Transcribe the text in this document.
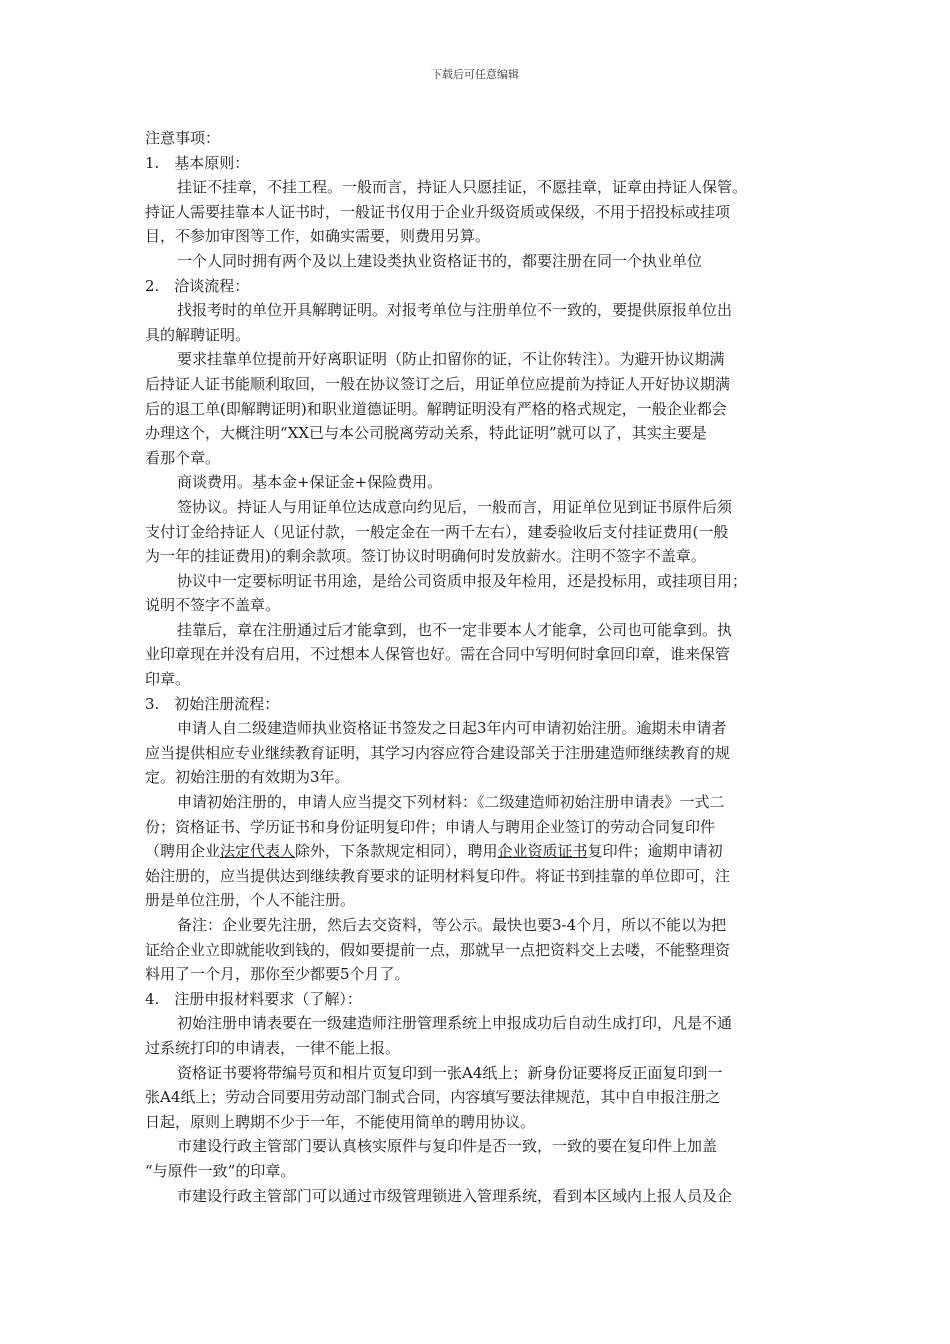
下载后可任意编辑
注意事项：
1.　基本原则：
挂证不挂章，不挂工程。一般而言，持证人只愿挂证，不愿挂章，证章由持证人保管。
持证人需要挂靠本人证书时，一般证书仅用于企业升级资质或保级，不用于招投标或挂项
目，不参加审图等工作，如确实需要，则费用另算。
一个人同时拥有两个及以上建设类执业资格证书的，都要注册在同一个执业单位
2.　洽谈流程：
找报考时的单位开具解聘证明。对报考单位与注册单位不一致的，要提供原报单位出
具的解聘证明。
要求挂靠单位提前开好离职证明（防止扣留你的证，不让你转注）。为避开协议期满
后持证人证书能顺利取回，一般在协议签订之后，用证单位应提前为持证人开好协议期满
后的退工单(即解聘证明)和职业道德证明。解聘证明没有严格的格式规定，一般企业都会
办理这个，大概注明“XX已与本公司脱离劳动关系，特此证明”就可以了，其实主要是
看那个章。
商谈费用。基本金+保证金+保险费用。
签协议。持证人与用证单位达成意向约见后，一般而言，用证单位见到证书原件后须
支付订金给持证人（见证付款，一般定金在一两千左右），建委验收后支付挂证费用(一般
为一年的挂证费用)的剩余款项。签订协议时明确何时发放薪水。注明不签字不盖章。
协议中一定要标明证书用途，是给公司资质申报及年检用，还是投标用，或挂项目用；
说明不签字不盖章。
挂靠后，章在注册通过后才能拿到，也不一定非要本人才能拿，公司也可能拿到。执
业印章现在并没有启用，不过想本人保管也好。需在合同中写明何时拿回印章，谁来保管
印章。
3.　初始注册流程：
申请人自二级建造师执业资格证书签发之日起3年内可申请初始注册。逾期未申请者
应当提供相应专业继续教育证明，其学习内容应符合建设部关于注册建造师继续教育的规
定。初始注册的有效期为3年。
申请初始注册的，申请人应当提交下列材料：《二级建造师初始注册申请表》一式二
份；资格证书、学历证书和身份证明复印件；申请人与聘用企业签订的劳动合同复印件
（聘用企业法定代表人除外，下条款规定相同），聘用企业资质证书复印件；逾期申请初
始注册的，应当提供达到继续教育要求的证明材料复印件。将证书到挂靠的单位即可，注
册是单位注册，个人不能注册。
备注：企业要先注册，然后去交资料，等公示。最快也要3-4个月，所以不能以为把
证给企业立即就能收到钱的，假如要提前一点，那就早一点把资料交上去喽，不能整理资
料用了一个月，那你至少都要5个月了。
4.　注册申报材料要求（了解）：
初始注册申请表要在一级建造师注册管理系统上申报成功后自动生成打印，凡是不通
过系统打印的申请表，一律不能上报。
资格证书要将带编号页和相片页复印到一张A4纸上；新身份证要将反正面复印到一
张A4纸上；劳动合同要用劳动部门制式合同，内容填写要法律规范，其中自申报注册之
日起，原则上聘期不少于一年，不能使用简单的聘用协议。
市建设行政主管部门要认真核实原件与复印件是否一致，一致的要在复印件上加盖
“与原件一致”的印章。
市建设行政主管部门可以通过市级管理锁进入管理系统，看到本区域内上报人员及企
